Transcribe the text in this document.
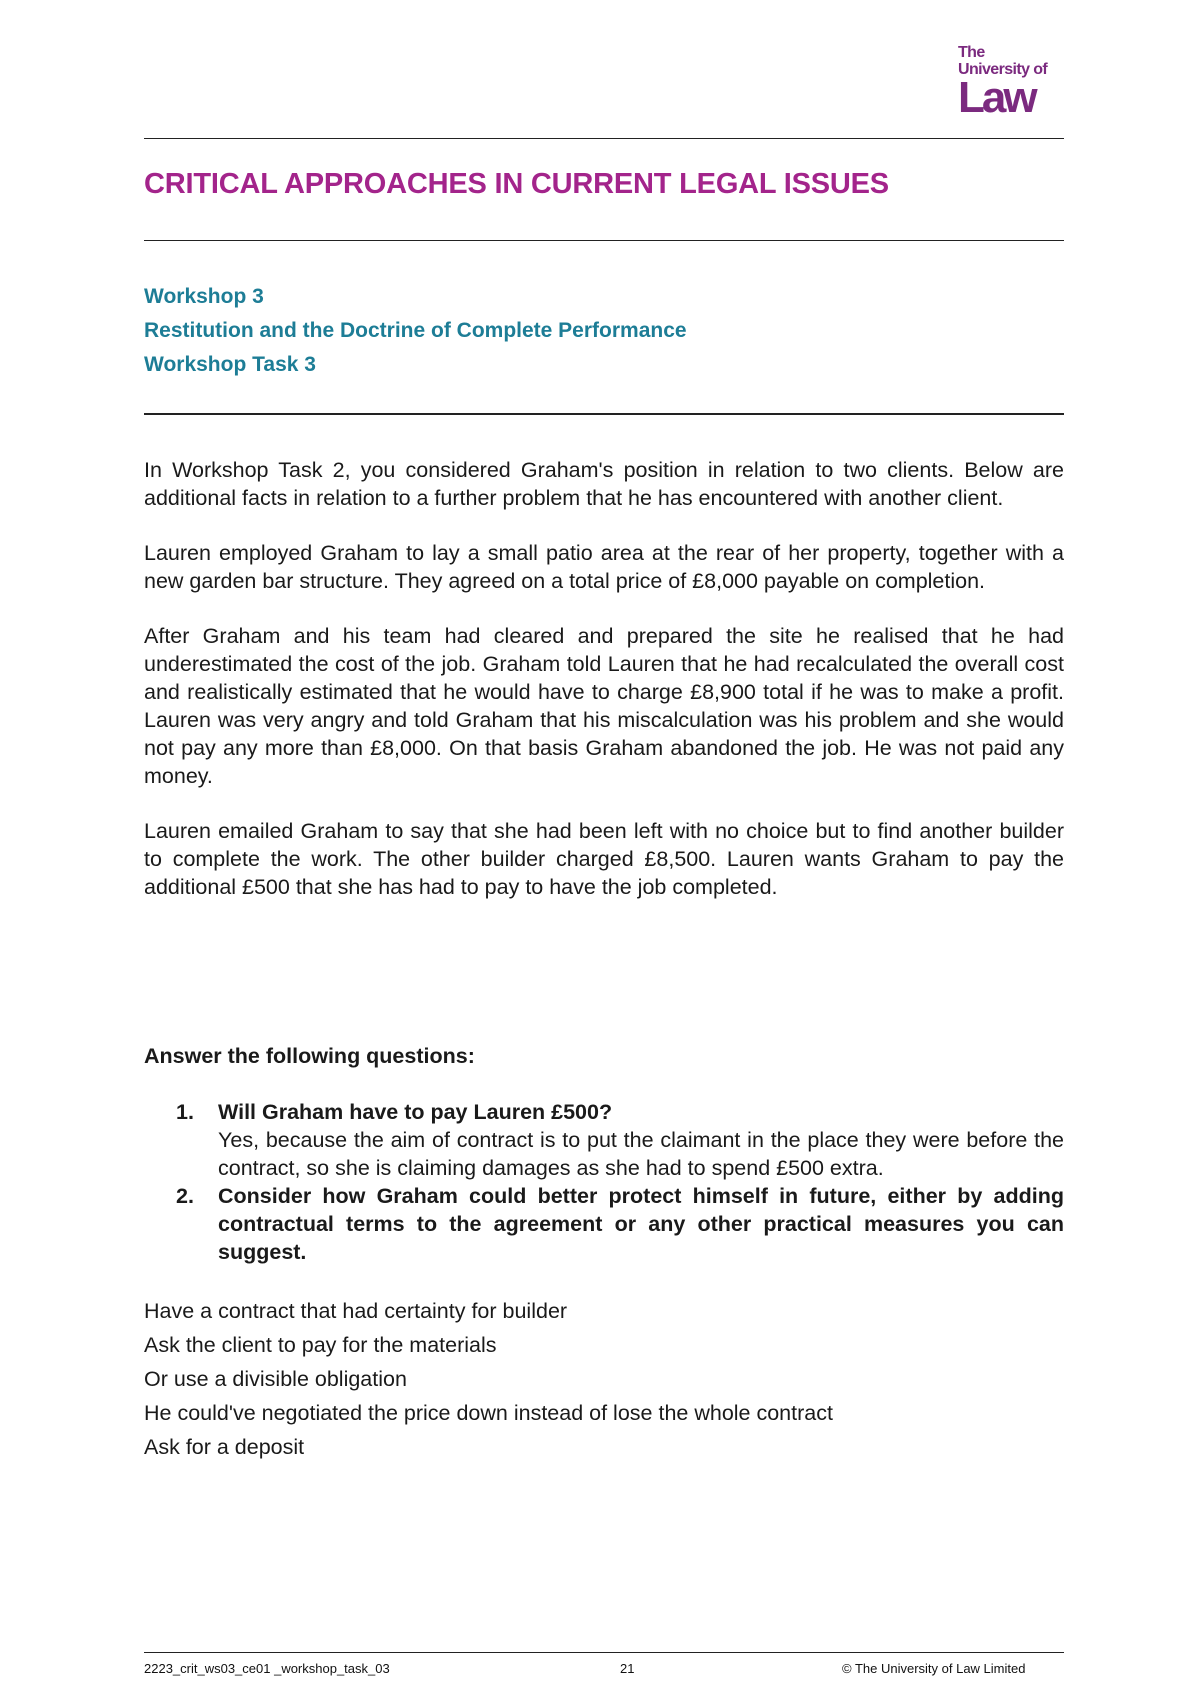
The
University of
Law
CRITICAL APPROACHES IN CURRENT LEGAL ISSUES
Workshop 3
Restitution and the Doctrine of Complete Performance
Workshop Task 3

In Workshop Task 2, you considered Graham's position in relation to two clients. Below are additional facts in relation to a further problem that he has encountered with another client.

Lauren employed Graham to lay a small patio area at the rear of her property, together with a new garden bar structure. They agreed on a total price of £8,000 payable on completion.

After Graham and his team had cleared and prepared the site he realised that he had underestimated the cost of the job. Graham told Lauren that he had recalculated the overall cost and realistically estimated that he would have to charge £8,900 total if he was to make a profit. Lauren was very angry and told Graham that his miscalculation was his problem and she would not pay any more than £8,000. On that basis Graham abandoned the job. He was not paid any money.

Lauren emailed Graham to say that she had been left with no choice but to find another builder to complete the work. The other builder charged £8,500. Lauren wants Graham to pay the additional £500 that she has had to pay to have the job completed.

Answer the following questions:

1. Will Graham have to pay Lauren £500?
Yes, because the aim of contract is to put the claimant in the place they were before the contract, so she is claiming damages as she had to spend £500 extra.
2. Consider how Graham could better protect himself in future, either by adding contractual terms to the agreement or any other practical measures you can suggest.
Have a contract that had certainty for builder
Ask the client to pay for the materials
Or use a divisible obligation
He could've negotiated the price down instead of lose the whole contract
Ask for a deposit
2223_crit_ws03_ce01 _workshop_task_03	21	© The University of Law Limited
